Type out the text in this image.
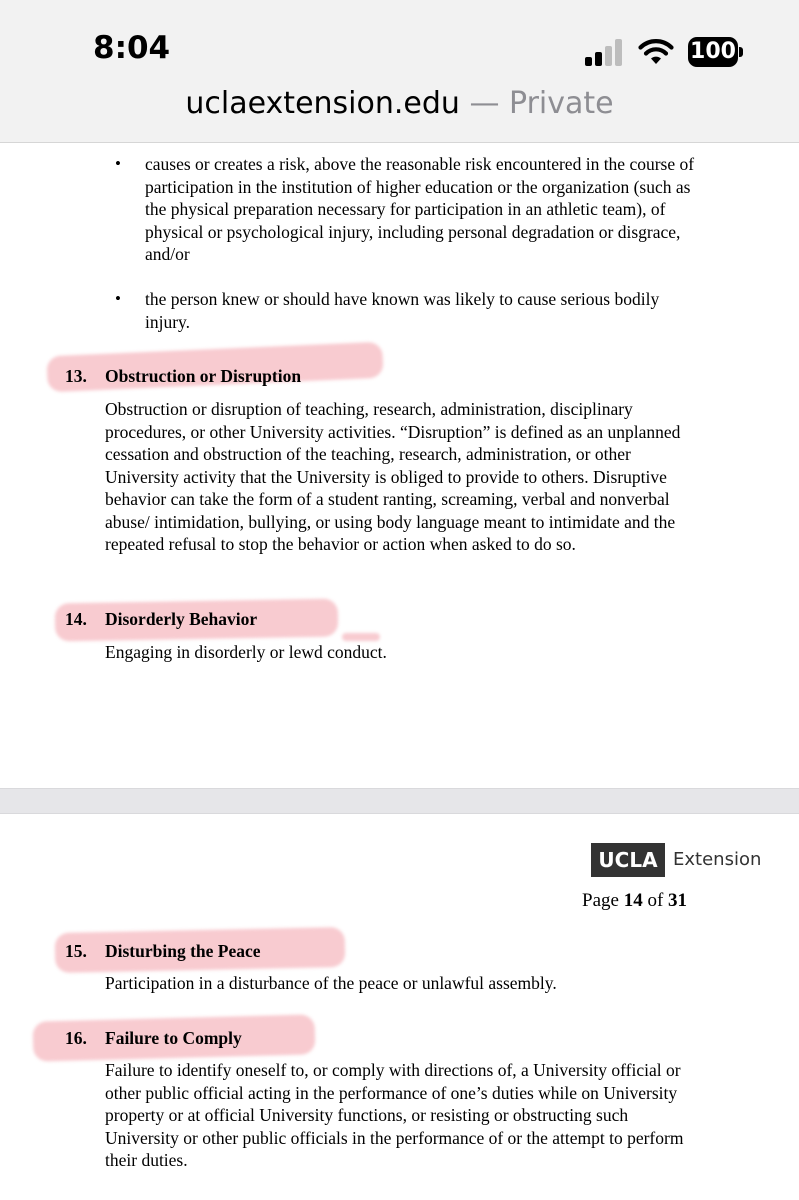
8:04	100
uclaextension.edu — Private
• causes or creates a risk, above the reasonable risk encountered in the course of participation in the institution of higher education or the organization (such as the physical preparation necessary for participation in an athletic team), of physical or psychological injury, including personal degradation or disgrace, and/or
• the person knew or should have known was likely to cause serious bodily injury.
13. Obstruction or Disruption
Obstruction or disruption of teaching, research, administration, disciplinary procedures, or other University activities. “Disruption” is defined as an unplanned cessation and obstruction of the teaching, research, administration, or other University activity that the University is obliged to provide to others. Disruptive behavior can take the form of a student ranting, screaming, verbal and nonverbal abuse/ intimidation, bullying, or using body language meant to intimidate and the repeated refusal to stop the behavior or action when asked to do so.
14. Disorderly Behavior
Engaging in disorderly or lewd conduct.
UCLA Extension
Page 14 of 31
15. Disturbing the Peace
Participation in a disturbance of the peace or unlawful assembly.
16. Failure to Comply
Failure to identify oneself to, or comply with directions of, a University official or other public official acting in the performance of one’s duties while on University property or at official University functions, or resisting or obstructing such University or other public officials in the performance of or the attempt to perform their duties.
